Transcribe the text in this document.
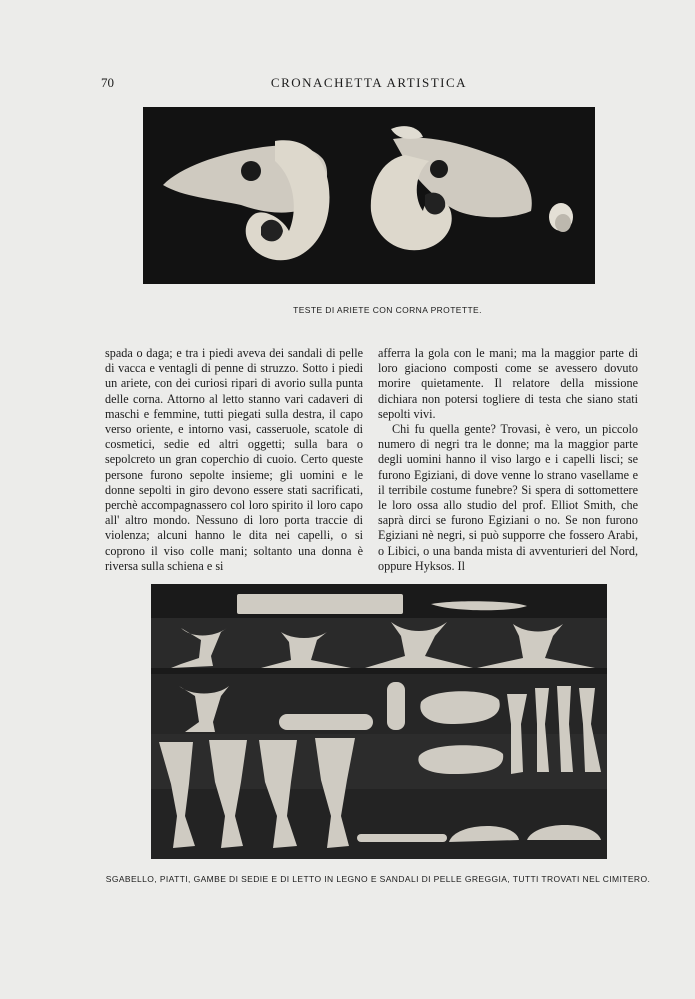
70	CRONACHETTA ARTISTICA
TESTE DI ARIETE CON CORNA PROTETTE.

spada o daga; e tra i piedi aveva dei sandali di pelle di vacca e ventagli di penne di struzzo. Sotto i piedi un ariete, con dei curiosi ripari di avorio sulla punta delle corna. Attorno al letto stanno vari cadaveri di maschi e femmine, tutti piegati sulla destra, il capo verso oriente, e intorno vasi, casseruole, scatole di cosmetici, sedie ed altri oggetti; sulla bara o sepolcreto un gran coperchio di cuoio. Certo queste persone furono sepolte insieme; gli uomini e le donne sepolti in giro devono essere stati sacrificati, perchè accompagnassero col loro spirito il loro capo all' altro mondo. Nessuno di loro porta traccie di violenza; alcuni hanno le dita nei capelli, o si coprono il viso colle mani; soltanto una donna è riversa sulla schiena e si

afferra la gola con le mani; ma la maggior parte di loro giaciono composti come se avessero dovuto morire quietamente. Il relatore della missione dichiara non potersi togliere di testa che siano stati sepolti vivi.

Chi fu quella gente? Trovasi, è vero, un piccolo numero di negri tra le donne; ma la maggior parte degli uomini hanno il viso largo e i capelli lisci; se furono Egiziani, di dove venne lo strano vasellame e il terribile costume funebre? Si spera di sottomettere le loro ossa allo studio del prof. Elliot Smith, che saprà dirci se furono Egiziani o no. Se non furono Egiziani nè negri, si può supporre che fossero Arabi, o Libici, o una banda mista di avventurieri del Nord, oppure Hyksos. Il

SGABELLO, PIATTI, GAMBE DI SEDIE E DI LETTO IN LEGNO E SANDALI DI PELLE GREGGIA, TUTTI TROVATI NEL CIMITERO.
